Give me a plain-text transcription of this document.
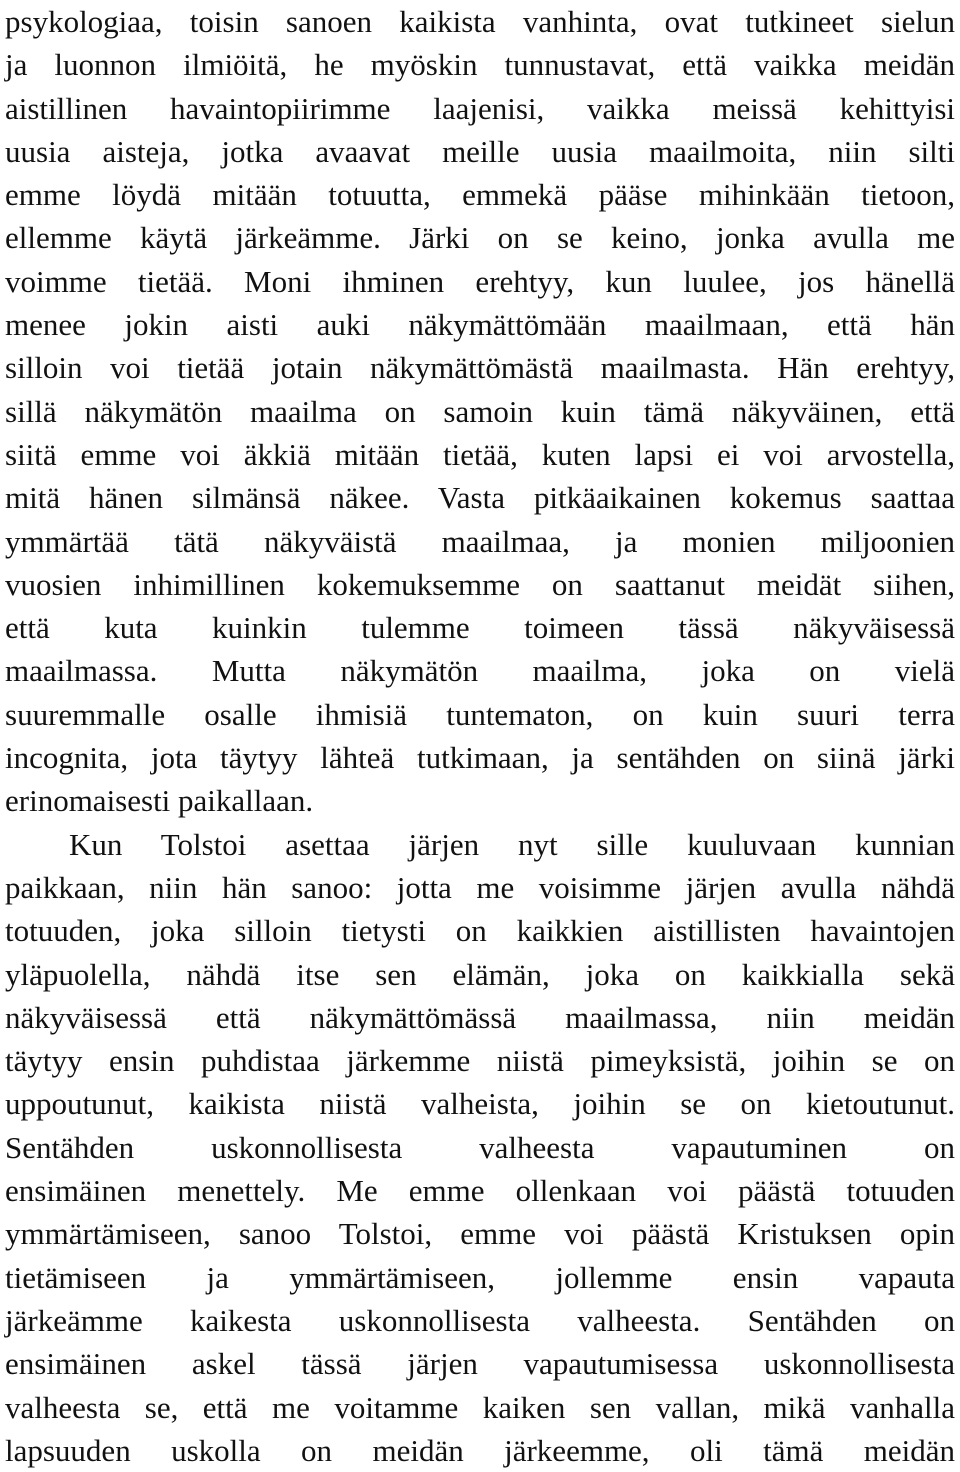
psykologiaa, toisin sanoen kaikista vanhinta, ovat tutkineet sielun
ja luonnon ilmiöitä, he myöskin tunnustavat, että vaikka meidän
aistillinen havaintopiirimme laajenisi, vaikka meissä kehittyisi
uusia aisteja, jotka avaavat meille uusia maailmoita, niin silti
emme löydä mitään totuutta, emmekä pääse mihinkään tietoon,
ellemme käytä järkeämme. Järki on se keino, jonka avulla me
voimme tietää. Moni ihminen erehtyy, kun luulee, jos hänellä
menee jokin aisti auki näkymättömään maailmaan, että hän
silloin voi tietää jotain näkymättömästä maailmasta. Hän erehtyy,
sillä näkymätön maailma on samoin kuin tämä näkyväinen, että
siitä emme voi äkkiä mitään tietää, kuten lapsi ei voi arvostella,
mitä hänen silmänsä näkee. Vasta pitkäaikainen kokemus saattaa
ymmärtää tätä näkyväistä maailmaa, ja monien miljoonien
vuosien inhimillinen kokemuksemme on saattanut meidät siihen,
että kuta kuinkin tulemme toimeen tässä näkyväisessä
maailmassa. Mutta näkymätön maailma, joka on vielä
suuremmalle osalle ihmisiä tuntematon, on kuin suuri terra
incognita, jota täytyy lähteä tutkimaan, ja sentähden on siinä järki
erinomaisesti paikallaan.
Kun Tolstoi asettaa järjen nyt sille kuuluvaan kunnian
paikkaan, niin hän sanoo: jotta me voisimme järjen avulla nähdä
totuuden, joka silloin tietysti on kaikkien aistillisten havaintojen
yläpuolella, nähdä itse sen elämän, joka on kaikkialla sekä
näkyväisessä että näkymättömässä maailmassa, niin meidän
täytyy ensin puhdistaa järkemme niistä pimeyksistä, joihin se on
uppoutunut, kaikista niistä valheista, joihin se on kietoutunut.
Sentähden uskonnollisesta valheesta vapautuminen on
ensimäinen menettely. Me emme ollenkaan voi päästä totuuden
ymmärtämiseen, sanoo Tolstoi, emme voi päästä Kristuksen opin
tietämiseen ja ymmärtämiseen, jollemme ensin vapauta
järkeämme kaikesta uskonnollisesta valheesta. Sentähden on
ensimäinen askel tässä järjen vapautumisessa uskonnollisesta
valheesta se, että me voitamme kaiken sen vallan, mikä vanhalla
lapsuuden uskolla on meidän järkeemme, oli tämä meidän
